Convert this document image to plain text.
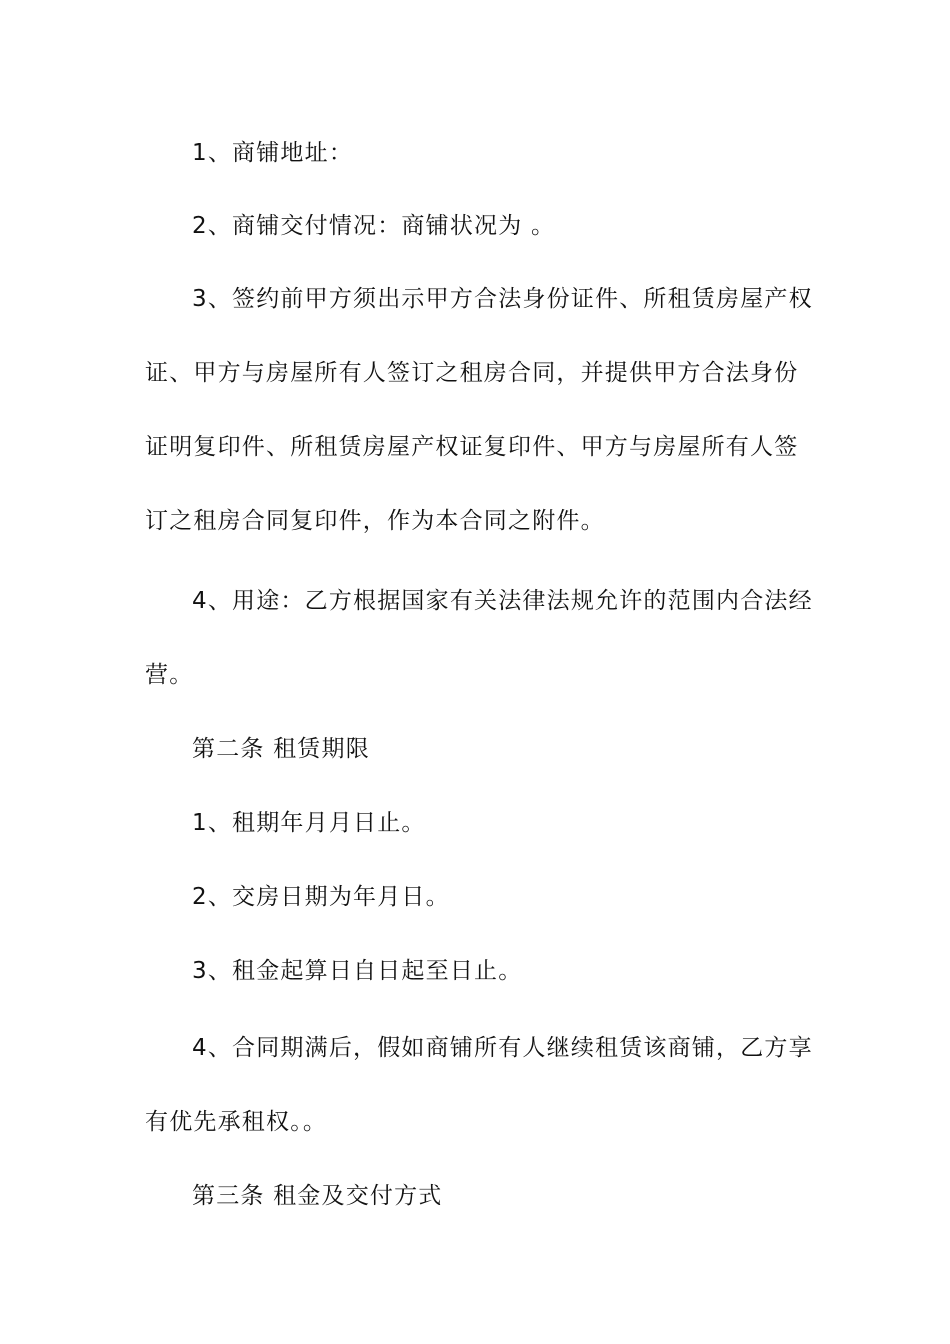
1、商铺地址：
2、商铺交付情况：商铺状况为 。
3、签约前甲方须出示甲方合法身份证件、所租赁房屋产权
证、甲方与房屋所有人签订之租房合同，并提供甲方合法身份
证明复印件、所租赁房屋产权证复印件、甲方与房屋所有人签
订之租房合同复印件，作为本合同之附件。
4、用途：乙方根据国家有关法律法规允许的范围内合法经
营。
第二条 租赁期限
1、租期年月月日止。
2、交房日期为年月日。
3、租金起算日自日起至日止。
4、合同期满后，假如商铺所有人继续租赁该商铺，乙方享
有优先承租权。。
第三条 租金及交付方式
